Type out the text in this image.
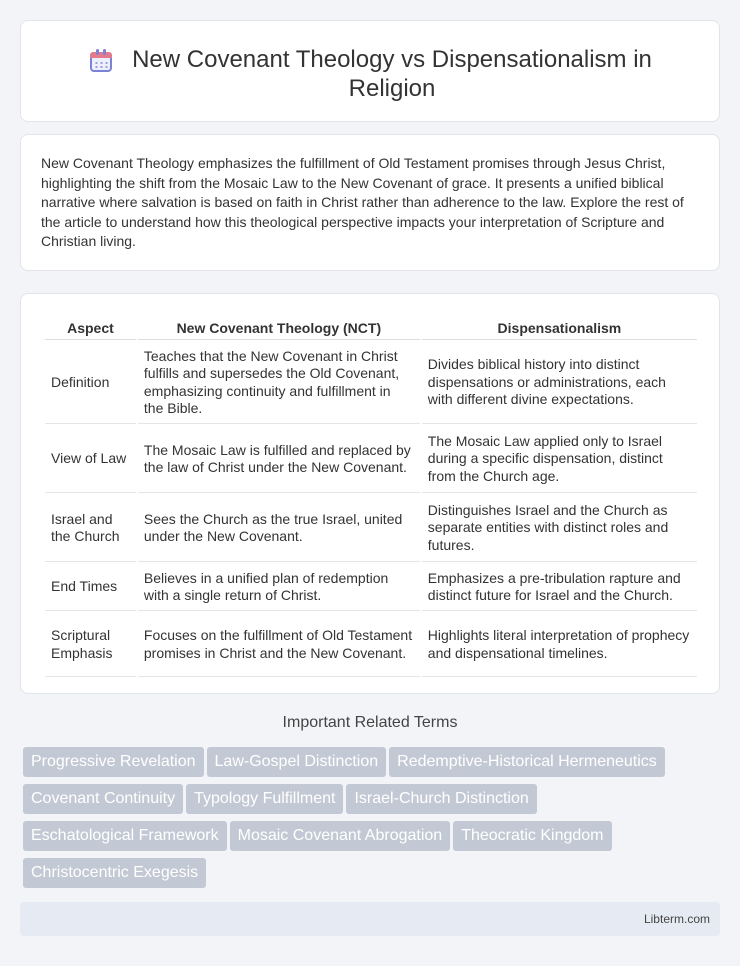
New Covenant Theology vs Dispensationalism in Religion

New Covenant Theology emphasizes the fulfillment of Old Testament promises through Jesus Christ, highlighting the shift from the Mosaic Law to the New Covenant of grace. It presents a unified biblical narrative where salvation is based on faith in Christ rather than adherence to the law. Explore the rest of the article to understand how this theological perspective impacts your interpretation of Scripture and Christian living.

Aspect	New Covenant Theology (NCT)	Dispensationalism
Definition	Teaches that the New Covenant in Christ fulfills and supersedes the Old Covenant, emphasizing continuity and fulfillment in the Bible.	Divides biblical history into distinct dispensations or administrations, each with different divine expectations.
View of Law	The Mosaic Law is fulfilled and replaced by the law of Christ under the New Covenant.	The Mosaic Law applied only to Israel during a specific dispensation, distinct from the Church age.
Israel and the Church	Sees the Church as the true Israel, united under the New Covenant.	Distinguishes Israel and the Church as separate entities with distinct roles and futures.
End Times	Believes in a unified plan of redemption with a single return of Christ.	Emphasizes a pre-tribulation rapture and distinct future for Israel and the Church.
Scriptural Emphasis	Focuses on the fulfillment of Old Testament promises in Christ and the New Covenant.	Highlights literal interpretation of prophecy and dispensational timelines.
Important Related Terms
Progressive Revelation Law-Gospel Distinction Redemptive-Historical Hermeneutics
Covenant Continuity Typology Fulfillment Israel-Church Distinction
Eschatological Framework Mosaic Covenant Abrogation Theocratic Kingdom
Christocentric Exegesis
Libterm.com
